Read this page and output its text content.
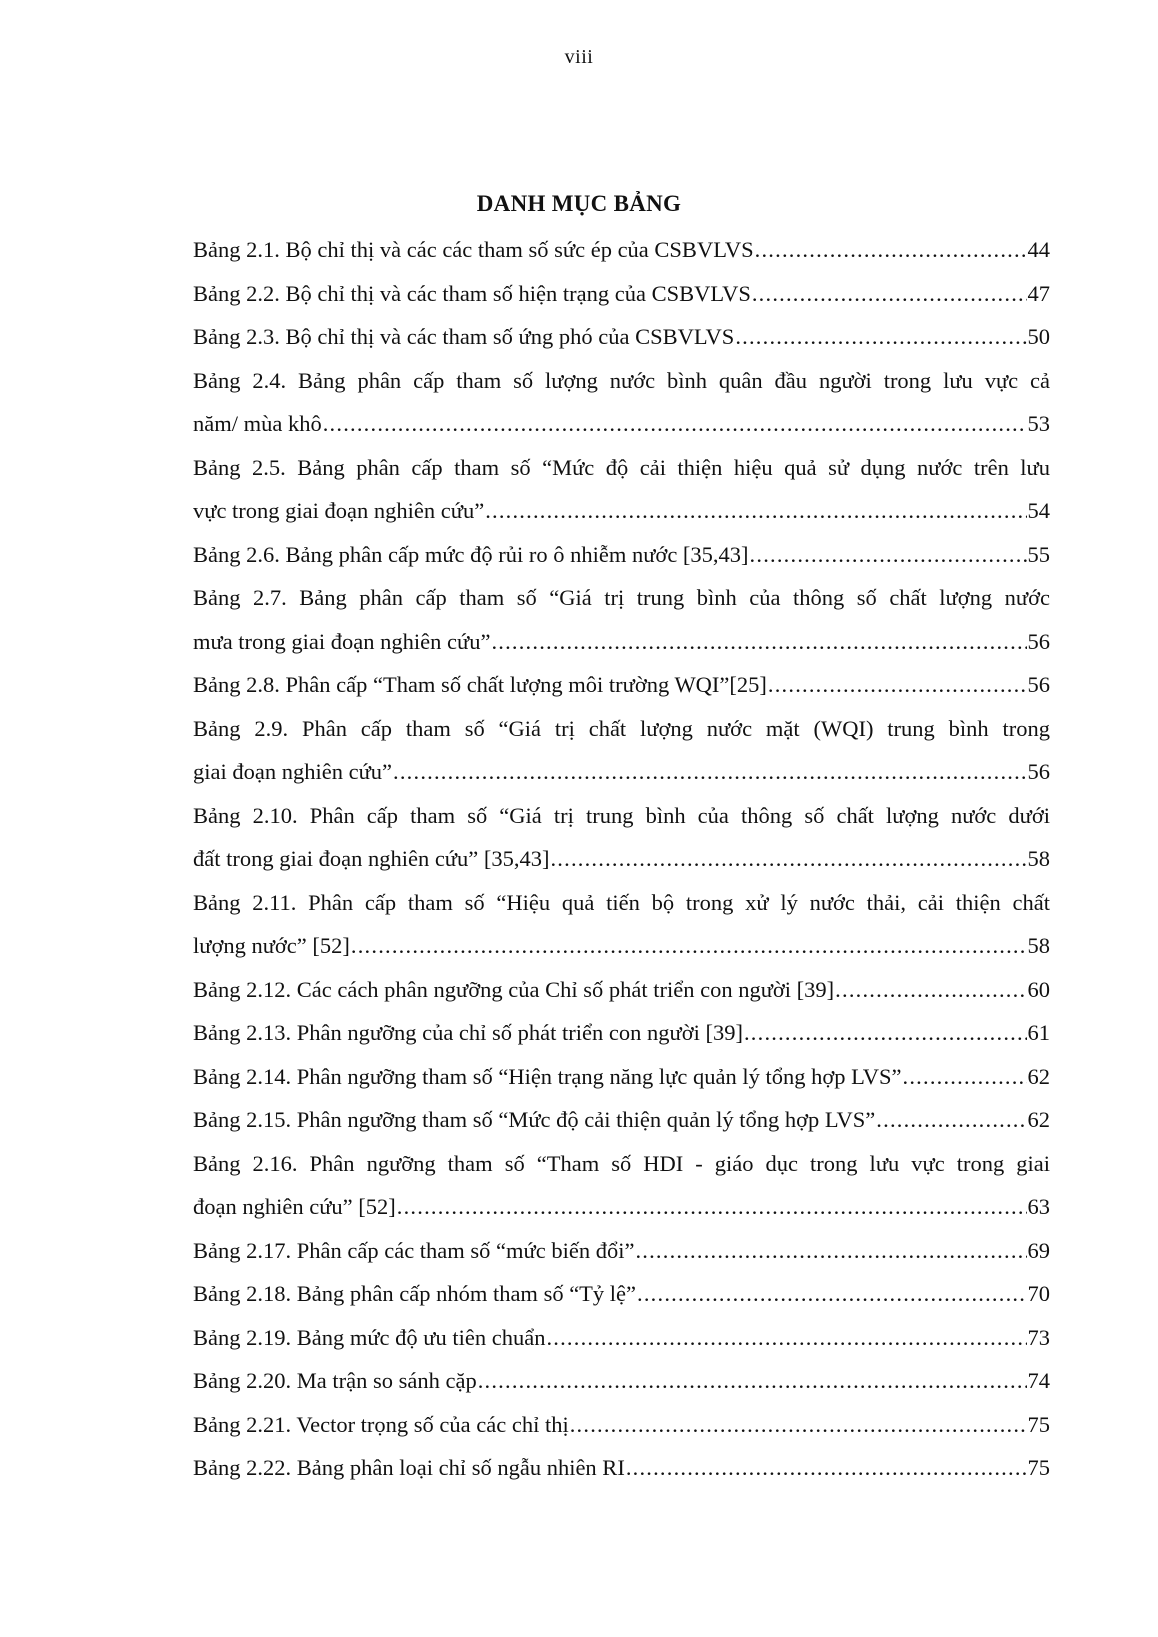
viii
DANH MỤC BẢNG
Bảng 2.1. Bộ chỉ thị và các các tham số sức ép của CSBVLVS .....	44
Bảng 2.2. Bộ chỉ thị và các tham số hiện trạng của CSBVLVS .....	47
Bảng 2.3. Bộ chỉ thị và các tham số ứng phó của CSBVLVS .....	50
Bảng 2.4. Bảng phân cấp tham số lượng nước bình quân đầu người trong lưu vực cả
năm/ mùa khô .....	53
Bảng 2.5. Bảng phân cấp tham số “Mức độ cải thiện hiệu quả sử dụng nước trên lưu
vực trong giai đoạn nghiên cứu” .....	54
Bảng 2.6. Bảng phân cấp mức độ rủi ro ô nhiễm nước [35,43] .....	55
Bảng 2.7. Bảng phân cấp tham số “Giá trị trung bình của thông số chất lượng nước
mưa trong giai đoạn nghiên cứu” .....	56
Bảng 2.8. Phân cấp “Tham số chất lượng môi trường WQI”[25] .....	56
Bảng 2.9. Phân cấp tham số “Giá trị chất lượng nước mặt (WQI) trung bình trong
giai đoạn nghiên cứu” .....	56
Bảng 2.10. Phân cấp tham số “Giá trị trung bình của thông số chất lượng nước dưới
đất trong giai đoạn nghiên cứu” [35,43] .....	58
Bảng 2.11. Phân cấp tham số “Hiệu quả tiến bộ trong xử lý nước thải, cải thiện chất
lượng nước” [52] .....	58
Bảng 2.12. Các cách phân ngưỡng của Chỉ số phát triển con người [39] .....	60
Bảng 2.13. Phân ngưỡng của chỉ số phát triển con người [39] .....	61
Bảng 2.14. Phân ngưỡng tham số “Hiện trạng năng lực quản lý tổng hợp LVS” .....	62
Bảng 2.15. Phân ngưỡng tham số “Mức độ cải thiện quản lý tổng hợp LVS” .....	62
Bảng 2.16. Phân ngưỡng tham số “Tham số HDI - giáo dục trong lưu vực trong giai
đoạn nghiên cứu” [52] .....	63
Bảng 2.17. Phân cấp các tham số “mức biến đổi” .....	69
Bảng 2.18. Bảng phân cấp nhóm tham số “Tỷ lệ” .....	70
Bảng 2.19. Bảng mức độ ưu tiên chuẩn .....	73
Bảng 2.20. Ma trận so sánh cặp .....	74
Bảng 2.21. Vector trọng số của các chỉ thị .....	75
Bảng 2.22. Bảng phân loại chỉ số ngẫu nhiên RI .....	75
